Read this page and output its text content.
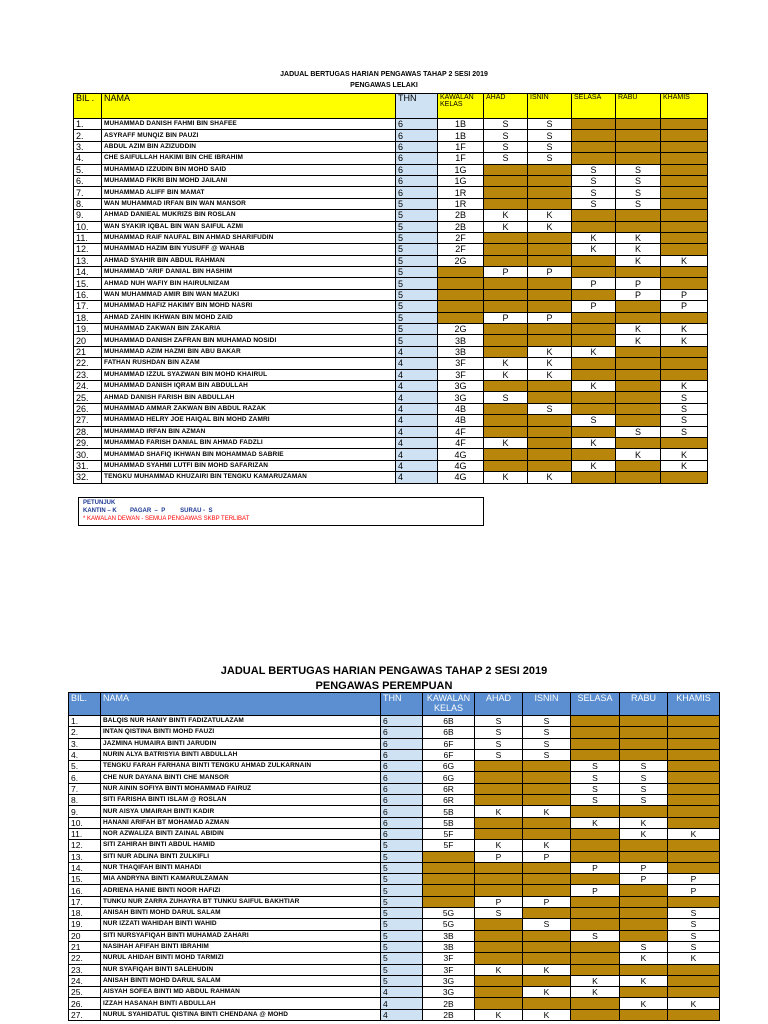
JADUAL BERTUGAS HARIAN PENGAWAS TAHAP 2 SESI 2019
PENGAWAS LELAKI
BIL .	NAMA	THN	KAWALAN KELAS	AHAD	ISNIN	SELASA	RABU	KHAMIS
1.	MUHAMMAD DANISH FAHMI BIN SHAFEE	6	1B	S	S			
2.	ASYRAFF MUNQIZ BIN PAUZI	6	1B	S	S			
3.	ABDUL AZIM BIN AZIZUDDIN	6	1F	S	S			
4.	CHE SAIFULLAH HAKIMI BIN CHE IBRAHIM	6	1F	S	S			
5.	MUHAMMAD IZZUDIN BIN MOHD SAID	6	1G			S	S	
6.	MUHAMMAD FIKRI BIN MOHD JAILANI	6	1G			S	S	
7.	MUHAMMAD ALIFF BIN MAMAT	6	1R			S	S	
8.	WAN MUHAMMAD IRFAN BIN WAN MANSOR	5	1R			S	S	
9.	AHMAD DANIEAL MUKRIZS BIN ROSLAN	5	2B	K	K			
10.	WAN SYAKIR IQBAL BIN WAN SAIFUL AZMI	5	2B	K	K			
11.	MUHAMMAD RAIF NAUFAL BIN AHMAD SHARIFUDIN	5	2F			K	K	
12.	MUHAMMAD HAZIM BIN YUSUFF @ WAHAB	5	2F			K	K	
13.	AHMAD SYAHIR BIN ABDUL RAHMAN	5	2G				K	K
14.	MUHAMMAD 'ARIF DANIAL BIN HASHIM	5		P	P			
15.	AHMAD NUH WAFIY BIN HAIRULNIZAM	5				P	P	
16.	WAN MUHAMMAD AMIR BIN WAN MAZUKI	5					P	P
17.	MUHAMMAD HAFIZ HAKIMY BIN MOHD NASRI	5				P		P
18.	AHMAD ZAHIN IKHWAN BIN MOHD ZAID	5		P	P			
19.	MUHAMMAD ZAKWAN BIN ZAKARIA	5	2G				K	K
20	MUHAMMAD DANISH ZAFRAN BIN MUHAMAD NOSIDI	5	3B				K	K
21	MUHAMMAD AZIM HAZMI BIN ABU BAKAR	4	3B		K	K		
22.	FATHAN RUSHDAN BIN AZAM	4	3F	K	K			
23.	MUHAMMAD IZZUL SYAZWAN BIN MOHD KHAIRUL	4	3F	K	K			
24.	MUHAMMAD DANISH IQRAM BIN ABDULLAH	4	3G			K		K
25.	AHMAD DANISH FARISH BIN ABDULLAH	4	3G	S				S
26.	MUHAMMAD AMMAR ZAKWAN BIN ABDUL RAZAK	4	4B		S			S
27.	MUHAMMAD HELRY JOE HAIQAL BIN MOHD ZAMRI	4	4B			S		S
28.	MUHAMMAD IRFAN BIN AZMAN	4	4F				S	S
29.	MUHAMMAD FARISH DANIAL BIN AHMAD FADZLI	4	4F	K		K		
30.	MUHAMMAD SHAFIQ IKHWAN BIN MOHAMMAD SABRIE	4	4G				K	K
31.	MUHAMMAD SYAHMI LUTFI BIN MOHD SAFARIZAN	4	4G			K		K
32.	TENGKU MUHAMMAD KHUZAIRI BIN TENGKU KAMARUZAMAN	4	4G	K	K			
PETUNJUK
KANTIN – K        PAGAR  –  P         SURAU -  S
* KAWALAN DEWAN - SEMUA PENGAWAS SKBP TERLIBAT
JADUAL BERTUGAS HARIAN PENGAWAS TAHAP 2 SESI 2019
PENGAWAS PEREMPUAN
BIL.	NAMA	THN	KAWALAN KELAS	AHAD	ISNIN	SELASA	RABU	KHAMIS
1.	BALQIS NUR HANIY BINTI FADIZATULAZAM	6	6B	S	S			
2.	INTAN QISTINA BINTI MOHD FAUZI	6	6B	S	S			
3.	JAZMINA HUMAIRA BINTI JARUDIN	6	6F	S	S			
4.	NURIN ALYA BATRISYIA BINTI ABDULLAH	6	6F	S	S			
5.	TENGKU FARAH FARHANA BINTI TENGKU AHMAD ZULKARNAIN	6	6G			S	S	
6.	CHE NUR DAYANA BINTI CHE MANSOR	6	6G			S	S	
7.	NUR AININ SOFIYA BINTI MOHAMMAD FAIRUZ	6	6R			S	S	
8.	SITI FARISHA BINTI ISLAM @ ROSLAN	6	6R			S	S	
9.	NUR AISYA UMAIRAH BINTI KADIR	6	5B	K	K			
10.	HANANI ARIFAH BT MOHAMAD AZMAN	6	5B			K	K	
11.	NOR AZWALIZA BINTI ZAINAL ABIDIN	6	5F				K	K
12.	SITI ZAHIRAH BINTI ABDUL HAMID	5	5F	K	K			
13.	SITI NUR ADLINA BINTI ZULKIFLI	5		P	P			
14.	NUR THAQIFAH BINTI MAHADI	5				P	P	
15.	MIA ANDRYNA BINTI KAMARULZAMAN	5					P	P
16.	ADRIENA HANIE BINTI NOOR HAFIZI	5				P		P
17.	TUNKU NUR ZARRA ZUHAYRA BT TUNKU SAIFUL BAKHTIAR	5		P	P			
18.	ANISAH BINTI MOHD DARUL SALAM	5	5G	S				S
19.	NUR IZZATI WAHIDAH BINTI WAHID	5	5G		S			S
20	SITI NURSYAFIQAH BINTI MUHAMAD ZAHARI	5	3B			S		S
21	NASIHAH AFIFAH BINTI IBRAHIM	5	3B				S	S
22.	NURUL AHIDAH BINTI MOHD TARMIZI	5	3F				K	K
23.	NUR SYAFIQAH BINTI SALEHUDIN	5	3F	K	K			
24.	ANISAH BINTI MOHD DARUL SALAM	5	3G			K	K	
25.	AISYAH SOFEA BINTI MD ABDUL RAHMAN	4	3G		K	K		
26.	IZZAH HASANAH BINTI ABDULLAH	4	2B				K	K
27.	NURUL SYAHIDATUL QISTINA BINTI CHENDANA @ MOHD	4	2B	K	K			
